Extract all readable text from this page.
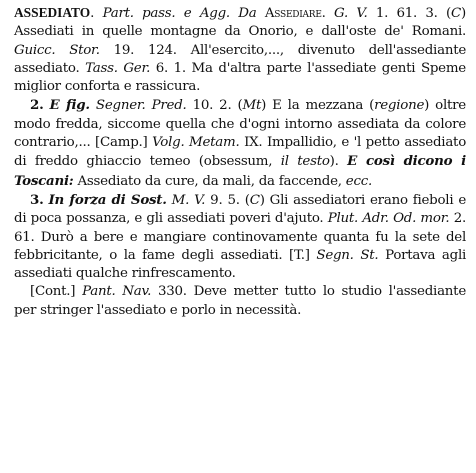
ASSEDIATO. Part. pass. e Agg. Da Assediare. G. V. 1. 61. 3. (C) Assediati in quelle montagne da Onorio, e dall'oste de' Romani. Guicc. Stor. 19. 124. All'esercito,..., divenuto dell'assediante assediato. Tass. Ger. 6. 1. Ma d'altra parte l'assediate genti Speme miglior conforta e rassicura.

2. E fig. Segner. Pred. 10. 2. (Mt) E la mezzana (regione) oltre modo fredda, siccome quella che d'ogni intorno assediata da colore contrario,... [Camp.] Volg. Metam. IX. Impallidio, e 'l petto assediato di freddo ghiaccio temeo (obsessum, il testo). E così dicono i Toscani: Assediato da cure, da mali, da faccende, ecc.

3. In forza di Sost. M. V. 9. 5. (C) Gli assediatori erano fieboli e di poca possanza, e gli assediati poveri d'ajuto. Plut. Adr. Od. mor. 2. 61. Durò a bere e mangiare continovamente quanta fu la sete del febbricitante, o la fame degli assediati. [T.] Segn. St. Portava agli assediati qualche rinfrescamento.

[Cont.] Pant. Nav. 330. Deve metter tutto lo studio l'assediante per stringer l'assediato e porlo in necessità.
